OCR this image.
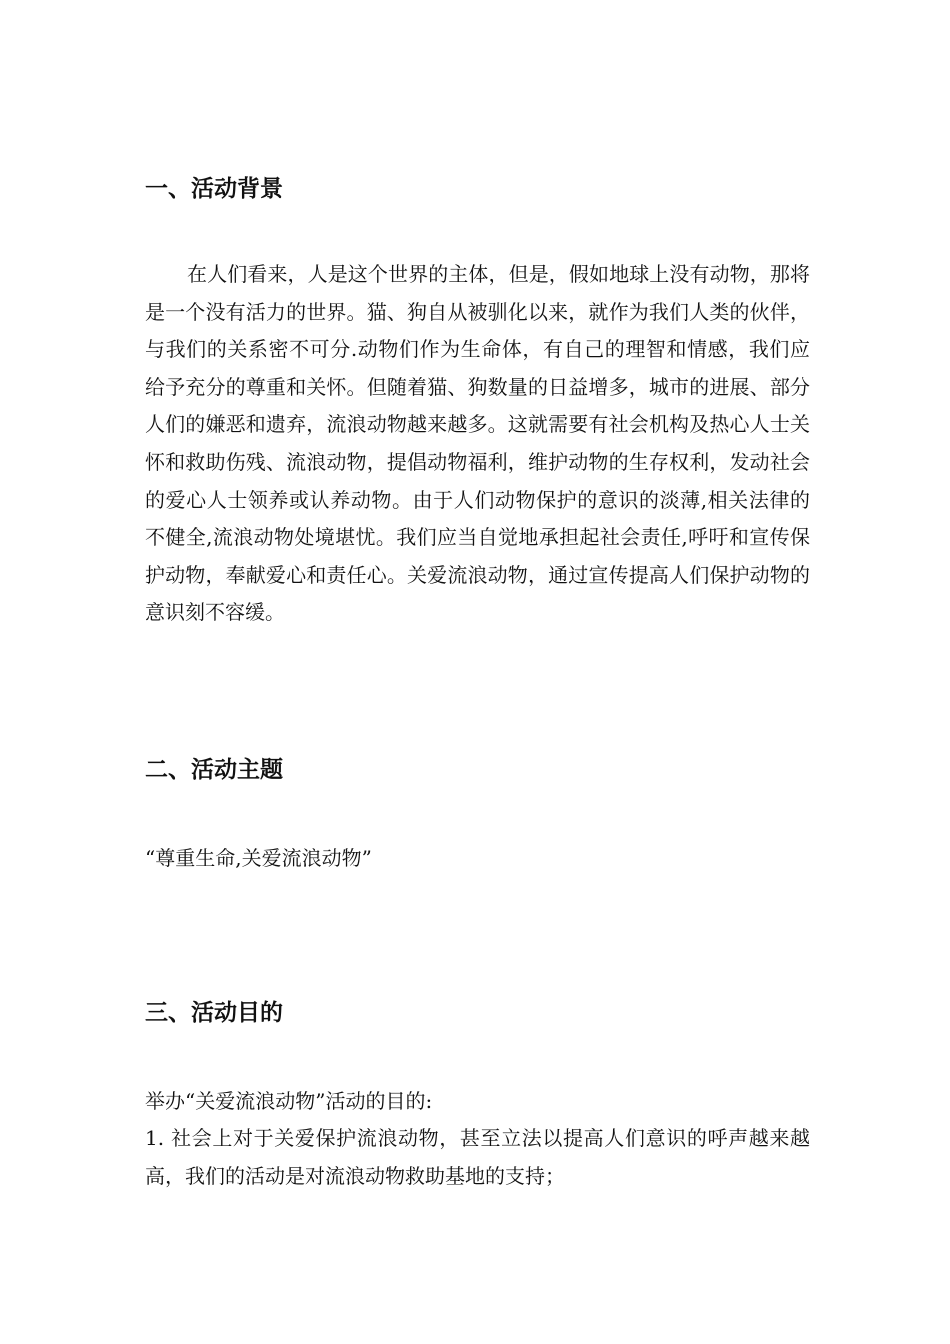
一、活动背景
在人们看来，人是这个世界的主体，但是，假如地球上没有动物，那将是一个没有活力的世界。猫、狗自从被驯化以来，就作为我们人类的伙伴，与我们的关系密不可分.动物们作为生命体，有自己的理智和情感，我们应给予充分的尊重和关怀。但随着猫、狗数量的日益增多，城市的进展、部分人们的嫌恶和遗弃，流浪动物越来越多。这就需要有社会机构及热心人士关怀和救助伤残、流浪动物，提倡动物福利，维护动物的生存权利，发动社会的爱心人士领养或认养动物。由于人们动物保护的意识的淡薄,相关法律的不健全,流浪动物处境堪忧。我们应当自觉地承担起社会责任,呼吁和宣传保护动物，奉献爱心和责任心。关爱流浪动物，通过宣传提高人们保护动物的意识刻不容缓。
二、活动主题
“尊重生命,关爱流浪动物”
三、活动目的
举办“关爱流浪动物”活动的目的:
1. 社会上对于关爱保护流浪动物，甚至立法以提高人们意识的呼声越来越高，我们的活动是对流浪动物救助基地的支持；
